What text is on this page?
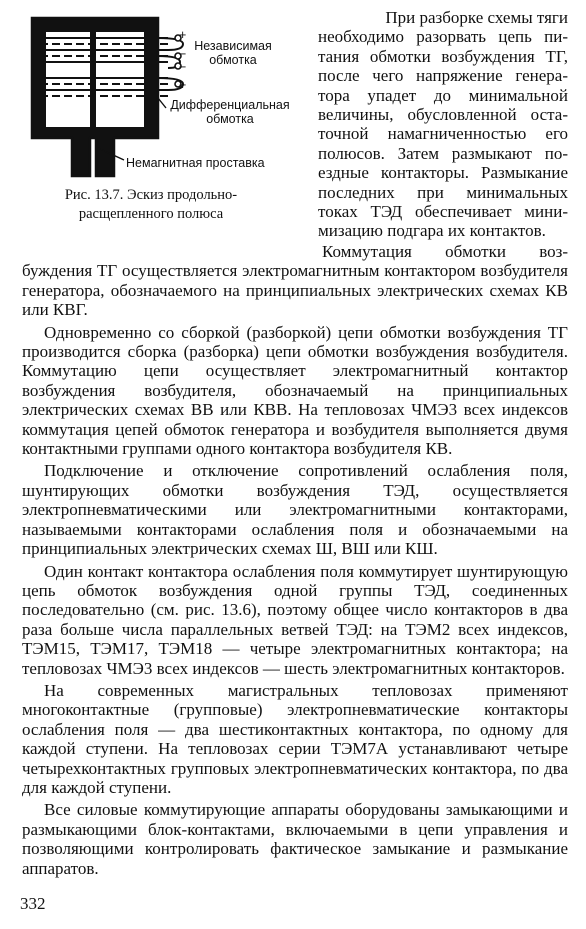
+
−
−
+
Независимая обмотка
Дифференциальная обмотка
Немагнитная проставка
Рис. 13.7. Эскиз продольно-расщепленного полюса
При разборке схемы тяги
необходимо разорвать цепь пи-
тания обмотки возбуждения ТГ,
после чего напряжение генера-
тора упадет до минимальной
величины, обусловленной оста-
точной намагниченностью его
полюсов. Затем размыкают по-
ездные контакторы. Размыкание
последних при минимальных
токах ТЭД обеспечивает мини-
мизацию подгара их контактов.

Коммутация обмотки воз-буждения ТГ осуществляется электромагнитным контактором возбудителя генератора, обозначаемого на принципиальных электрических схемах КВ или КВГ.

Одновременно со сборкой (разборкой) цепи обмотки возбуждения ТГ производится сборка (разборка) цепи обмотки возбуждения возбудителя. Коммутацию цепи осуществляет электромагнитный контактор возбуждения возбудителя, обозначаемый на принципиальных электрических схемах ВВ или КВВ. На тепловозах ЧМЭ3 всех индексов коммутация цепей обмоток генератора и возбудителя выполняется двумя контактными группами одного контактора возбудителя КВ.

Подключение и отключение сопротивлений ослабления поля, шунтирующих обмотки возбуждения ТЭД, осуществляется электропневматическими или электромагнитными контакторами, называемыми контакторами ослабления поля и обозначаемыми на принципиальных электрических схемах Ш, ВШ или КШ.

Один контакт контактора ослабления поля коммутирует шунтирующую цепь обмоток возбуждения одной группы ТЭД, соединенных последовательно (см. рис. 13.6), поэтому общее число контакторов в два раза больше числа параллельных ветвей ТЭД: на ТЭМ2 всех индексов, ТЭМ15, ТЭМ17, ТЭМ18 — четыре электромагнитных контактора; на тепловозах ЧМЭ3 всех индексов — шесть электромагнитных контакторов.

На современных магистральных тепловозах применяют многоконтактные (групповые) электропневматические контакторы ослабления поля — два шестиконтактных контактора, по одному для каждой ступени. На тепловозах серии ТЭМ7А устанавливают четыре четырехконтактных групповых электропневматических контактора, по два для каждой ступени.

Все силовые коммутирующие аппараты оборудованы замыкающими и размыкающими блок-контактами, включаемыми в цепи управления и позволяющими контролировать фактическое замыкание и размыкание аппаратов.

332
